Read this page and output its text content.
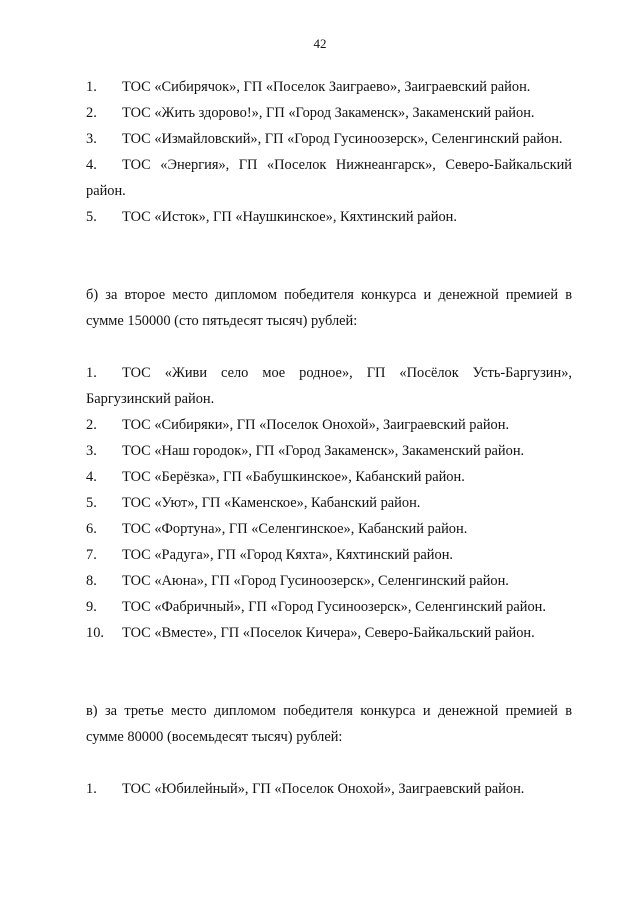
42
1. ТОС «Сибирячок», ГП «Поселок Заиграево», Заиграевский район.
2. ТОС «Жить здорово!», ГП «Город Закаменск», Закаменский район.
3. ТОС «Измайловский», ГП «Город Гусиноозерск», Селенгинский район.
4. ТОС «Энергия», ГП «Поселок Нижнеангарск», Северо-Байкальский район.
5. ТОС «Исток», ГП «Наушкинское», Кяхтинский район.

б) за второе место дипломом победителя конкурса и денежной премией в сумме 150000 (сто пятьдесят тысяч) рублей:

1. ТОС «Живи село мое родное», ГП «Посёлок Усть-Баргузин», Баргузинский район.
2. ТОС «Сибиряки», ГП «Поселок Онохой», Заиграевский район.
3. ТОС «Наш городок», ГП «Город Закаменск», Закаменский район.
4. ТОС «Берёзка», ГП «Бабушкинское», Кабанский район.
5. ТОС «Уют», ГП «Каменское», Кабанский район.
6. ТОС «Фортуна», ГП «Селенгинское», Кабанский район.
7. ТОС «Радуга», ГП «Город Кяхта», Кяхтинский район.
8. ТОС «Аюна», ГП «Город Гусиноозерск», Селенгинский район.
9. ТОС «Фабричный», ГП «Город Гусиноозерск», Селенгинский район.
10. ТОС «Вместе», ГП «Поселок Кичера», Северо-Байкальский район.

в) за третье место дипломом победителя конкурса и денежной премией в сумме 80000 (восемьдесят тысяч) рублей:

1. ТОС «Юбилейный», ГП «Поселок Онохой», Заиграевский район.
